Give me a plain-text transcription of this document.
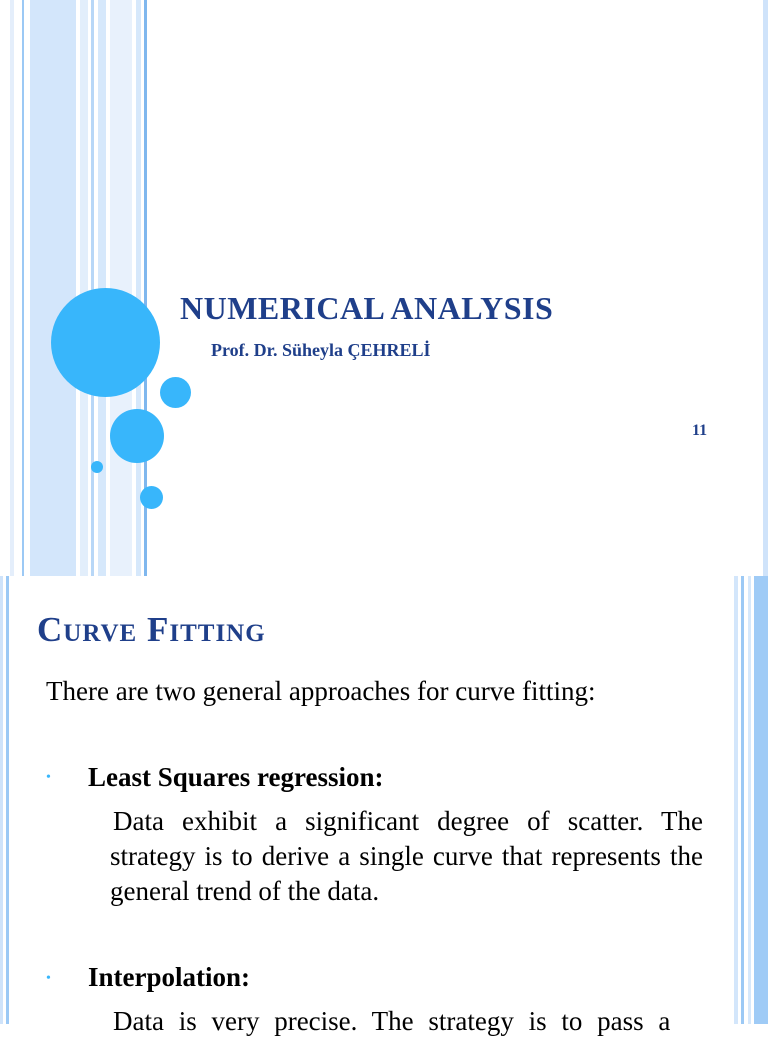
NUMERICAL ANALYSIS

Prof. Dr. Süheyla ÇEHRELİ

11

Curve Fitting

There are two general approaches for curve fitting:

• Least Squares regression:

Data exhibit a significant degree of scatter. The strategy is to derive a single curve that represents the general trend of the data.

• Interpolation:

Data is very precise. The strategy is to pass a
